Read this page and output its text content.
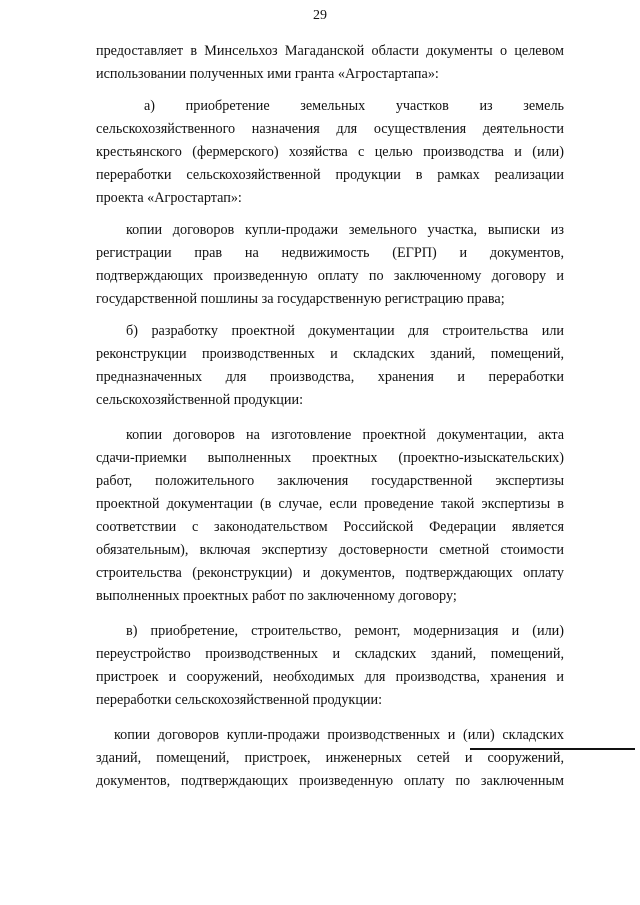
29
предоставляет в Минсельхоз Магаданской области документы о целевом
использовании полученных ими гранта «Агростартапа»:
а) приобретение земельных участков из земель
сельскохозяйственного назначения для осуществления деятельности
крестьянского (фермерского) хозяйства с целью производства и (или)
переработки сельскохозяйственной продукции в рамках реализации
проекта «Агростартап»:
копии договоров купли-продажи земельного участка, выписки из
регистрации прав на недвижимость (ЕГРП) и документов,
подтверждающих произведенную оплату по заключенному договору и
государственной пошлины за государственную регистрацию права;
б) разработку проектной документации для строительства или
реконструкции производственных и складских зданий, помещений,
предназначенных для производства, хранения и переработки
сельскохозяйственной продукции:
копии договоров на изготовление проектной документации, акта
сдачи-приемки выполненных проектных (проектно-изыскательских)
работ, положительного заключения государственной экспертизы
проектной документации (в случае, если проведение такой экспертизы в
соответствии с законодательством Российской Федерации является
обязательным), включая экспертизу достоверности сметной стоимости
строительства (реконструкции) и документов, подтверждающих оплату
выполненных проектных работ по заключенному договору;
в) приобретение, строительство, ремонт, модернизация и (или)
переустройство производственных и складских зданий, помещений,
пристроек и сооружений, необходимых для производства, хранения и
переработки сельскохозяйственной продукции:
копии договоров купли-продажи производственных и (или) складских
зданий, помещений, пристроек, инженерных сетей и сооружений,
документов, подтверждающих произведенную оплату по заключенным
